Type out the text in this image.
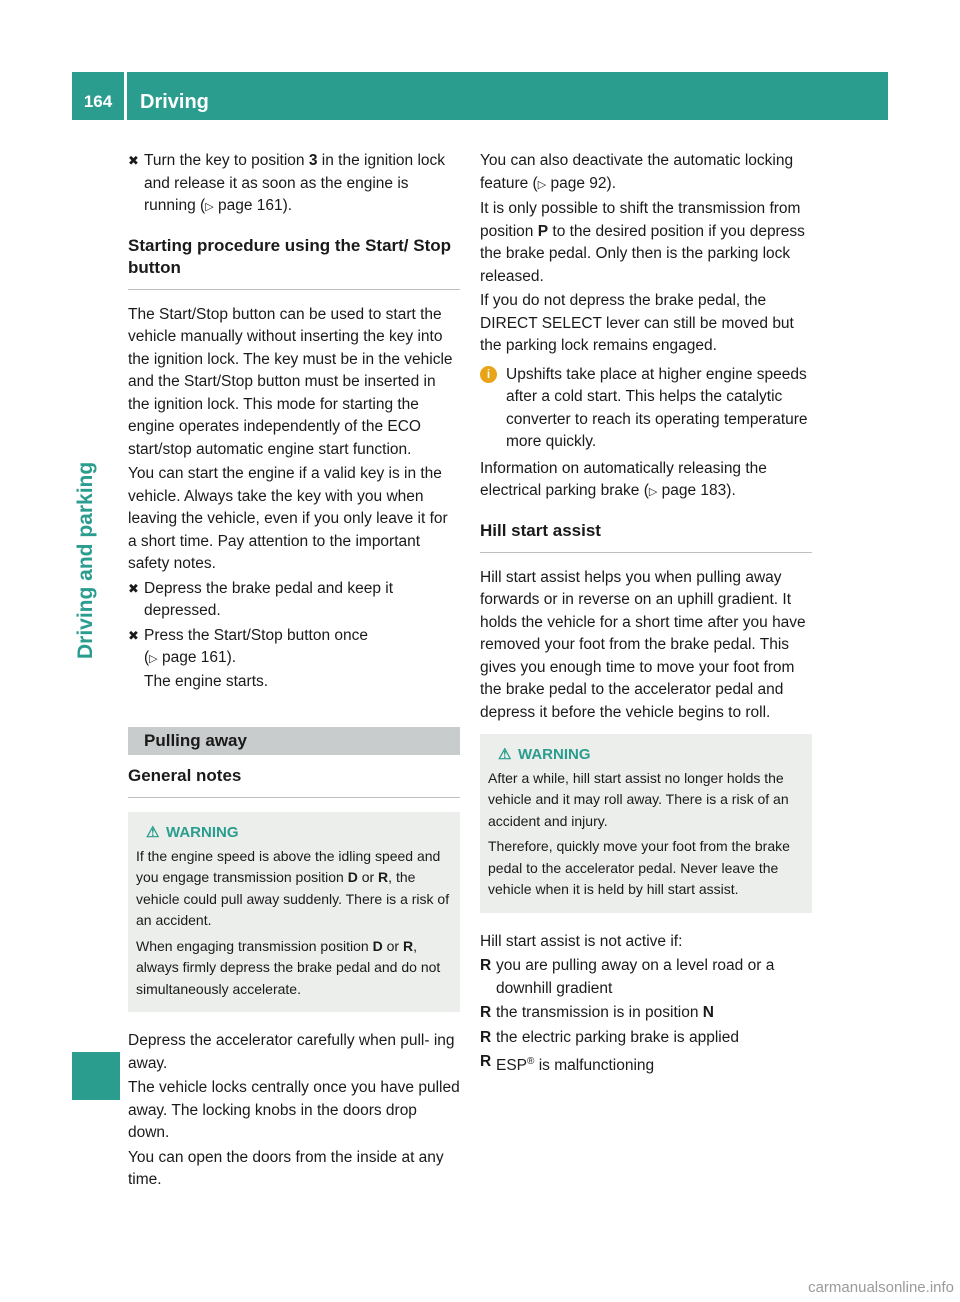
164	Driving
Driving and parking
✖ Turn the key to position 3 in the ignition lock and release it as soon as the engine is running (▷ page 161).
Starting procedure using the Start/ Stop button

The Start/Stop button can be used to start the vehicle manually without inserting the key into the ignition lock. The key must be in the vehicle and the Start/Stop button must be inserted in the ignition lock. This mode for starting the engine operates independently of the ECO start/stop automatic engine start function.

You can start the engine if a valid key is in the vehicle. Always take the key with you when leaving the vehicle, even if you only leave it for a short time. Pay attention to the important safety notes.

✖ Depress the brake pedal and keep it depressed.
✖ Press the Start/Stop button once
(▷ page 161).
The engine starts.
Pulling away
General notes
⚠ WARNING

If the engine speed is above the idling speed and you engage transmission position D or R, the vehicle could pull away suddenly. There is a risk of an accident.

When engaging transmission position D or R, always firmly depress the brake pedal and do not simultaneously accelerate.

Depress the accelerator carefully when pull- ing away.

The vehicle locks centrally once you have pulled away. The locking knobs in the doors drop down.

You can open the doors from the inside at any time.

You can also deactivate the automatic locking feature (▷ page 92).

It is only possible to shift the transmission from position P to the desired position if you depress the brake pedal. Only then is the parking lock released.

If you do not depress the brake pedal, the DIRECT SELECT lever can still be moved but the parking lock remains engaged.

i	Upshifts take place at higher engine speeds after a cold start. This helps the catalytic converter to reach its operating temperature more quickly.

Information on automatically releasing the electrical parking brake (▷ page 183).

Hill start assist

Hill start assist helps you when pulling away forwards or in reverse on an uphill gradient. It holds the vehicle for a short time after you have removed your foot from the brake pedal. This gives you enough time to move your foot from the brake pedal to the accelerator pedal and depress it before the vehicle begins to roll.

⚠ WARNING

After a while, hill start assist no longer holds the vehicle and it may roll away. There is a risk of an accident and injury.

Therefore, quickly move your foot from the brake pedal to the accelerator pedal. Never leave the vehicle when it is held by hill start assist.

Hill start assist is not active if:

R you are pulling away on a level road or a downhill gradient
R the transmission is in position N
R the electric parking brake is applied
R ESP® is malfunctioning
carmanualsonline.info
